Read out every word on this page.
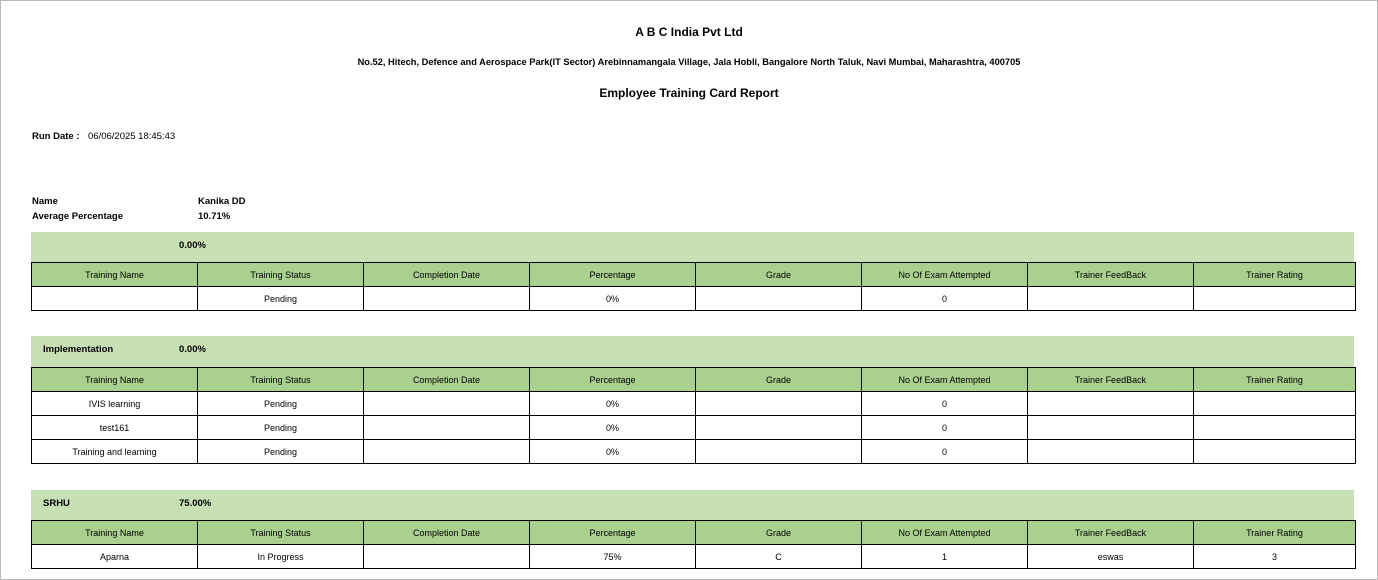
A B C India Pvt Ltd
No.52, Hitech, Defence and Aerospace Park(IT Sector) Arebinnamangala Village, Jala Hobli, Bangalore North Taluk, Navi Mumbai, Maharashtra, 400705
Employee Training Card Report
Run Date : 06/06/2025 18:45:43
Name	Kanika DD
Average Percentage	10.71%
0.00%
Training Name	Training Status	Completion Date	Percentage	Grade	No Of Exam Attempted	Trainer FeedBack	Trainer Rating
	Pending		0%		0		
Implementation	0.00%
Training Name	Training Status	Completion Date	Percentage	Grade	No Of Exam Attempted	Trainer FeedBack	Trainer Rating
IVIS learning	Pending		0%		0		
test161	Pending		0%		0		
Training and learning	Pending		0%		0		
SRHU	75.00%
Training Name	Training Status	Completion Date	Percentage	Grade	No Of Exam Attempted	Trainer FeedBack	Trainer Rating
Aparna	In Progress		75%	C	1	eswas	3
